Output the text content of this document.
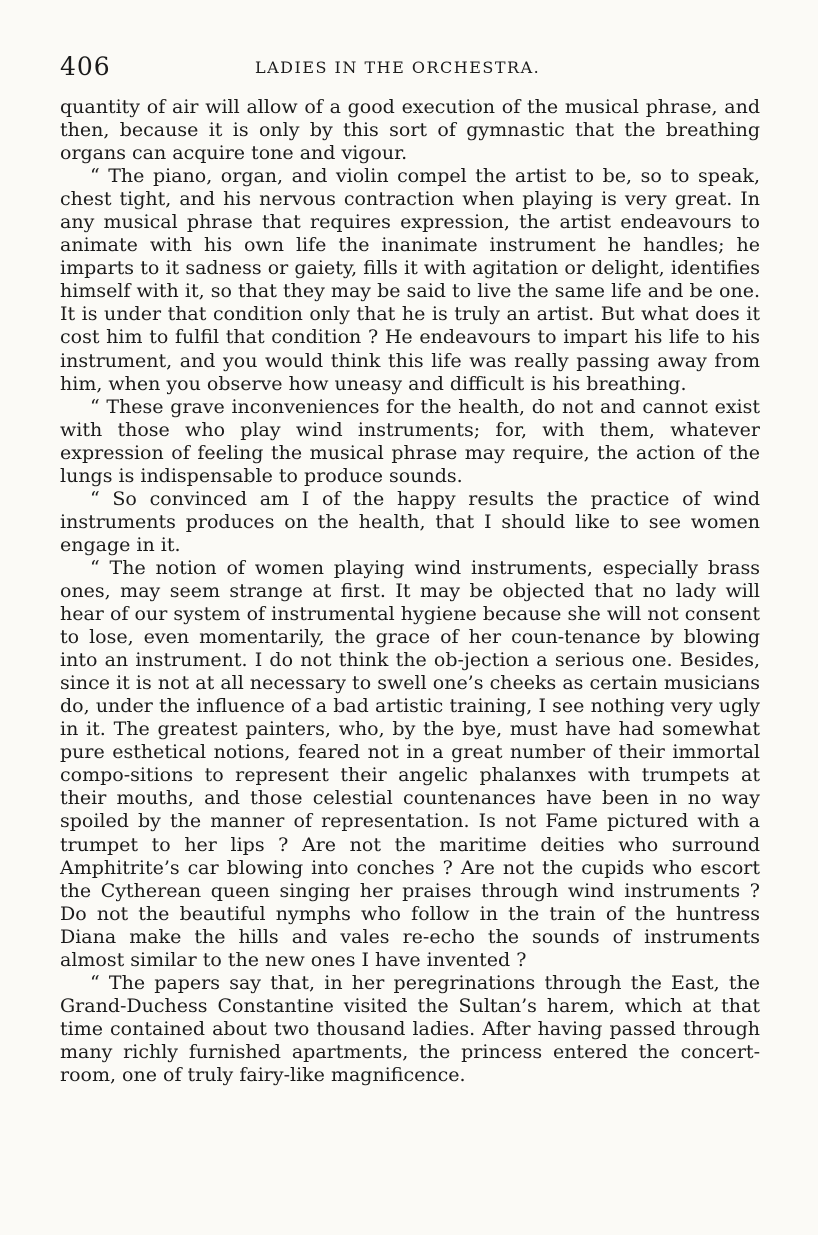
406	LADIES IN THE ORCHESTRA.

quantity of air will allow of a good execution of the musical phrase, and then, because it is only by this sort of gymnastic that the breathing organs can acquire tone and vigour.

“ The piano, organ, and violin compel the artist to be, so to speak, chest tight, and his nervous contraction when playing is very great. In any musical phrase that requires expression, the artist endeavours to animate with his own life the inanimate instrument he handles; he imparts to it sadness or gaiety, fills it with agitation or delight, identifies himself with it, so that they may be said to live the same life and be one. It is under that condition only that he is truly an artist. But what does it cost him to fulfil that condition ? He endeavours to impart his life to his instrument, and you would think this life was really passing away from him, when you observe how uneasy and difficult is his breathing.

“ These grave inconveniences for the health, do not and cannot exist with those who play wind instruments; for, with them, whatever expression of feeling the musical phrase may require, the action of the lungs is indispensable to produce sounds.

“ So convinced am I of the happy results the practice of wind instruments produces on the health, that I should like to see women engage in it.

“ The notion of women playing wind instruments, especially brass ones, may seem strange at first. It may be objected that no lady will hear of our system of instrumental hygiene because she will not consent to lose, even momentarily, the grace of her coun-tenance by blowing into an instrument. I do not think the ob-jection a serious one. Besides, since it is not at all necessary to swell one’s cheeks as certain musicians do, under the influence of a bad artistic training, I see nothing very ugly in it. The greatest painters, who, by the bye, must have had somewhat pure esthetical notions, feared not in a great number of their immortal compo-sitions to represent their angelic phalanxes with trumpets at their mouths, and those celestial countenances have been in no way spoiled by the manner of representation. Is not Fame pictured with a trumpet to her lips ? Are not the maritime deities who surround Amphitrite’s car blowing into conches ? Are not the cupids who escort the Cytherean queen singing her praises through wind instruments ? Do not the beautiful nymphs who follow in the train of the huntress Diana make the hills and vales re-echo the sounds of instruments almost similar to the new ones I have invented ?

“ The papers say that, in her peregrinations through the East, the Grand-Duchess Constantine visited the Sultan’s harem, which at that time contained about two thousand ladies. After having passed through many richly furnished apartments, the princess entered the concert-room, one of truly fairy-like magnificence.
